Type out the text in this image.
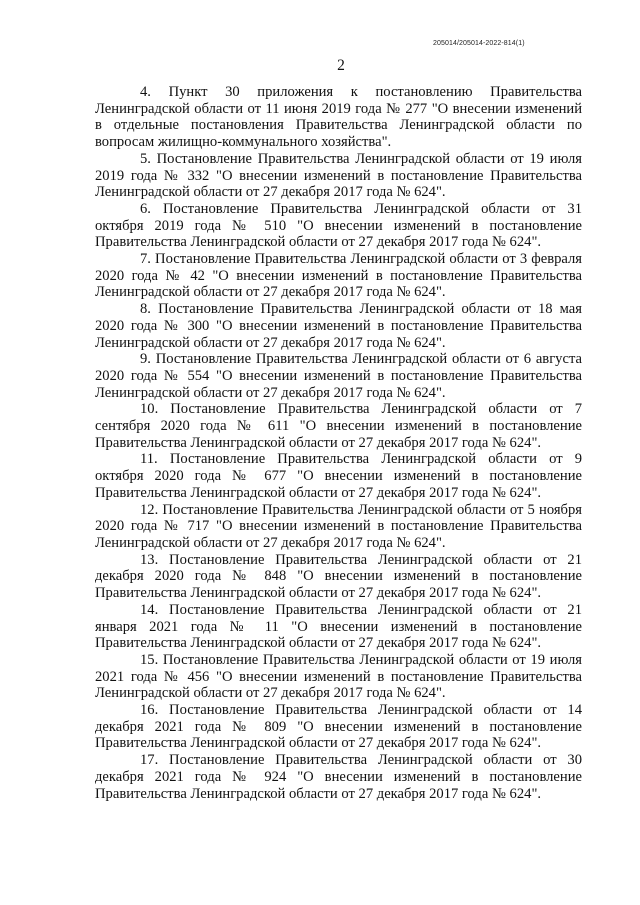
205014/205014-2022-814(1)
2

4. Пункт 30 приложения к постановлению Правительства Ленинградской области от 11 июня 2019 года № 277 "О внесении изменений в отдельные постановления Правительства Ленинградской области по вопросам жилищно-коммунального хозяйства".

5. Постановление Правительства Ленинградской области от 19 июля 2019 года № 332 "О внесении изменений в постановление Правительства Ленинградской области от 27 декабря 2017 года № 624".

6. Постановление Правительства Ленинградской области от 31 октября 2019 года № 510 "О внесении изменений в постановление Правительства Ленинградской области от 27 декабря 2017 года № 624".

7. Постановление Правительства Ленинградской области от 3 февраля 2020 года № 42 "О внесении изменений в постановление Правительства Ленинградской области от 27 декабря 2017 года № 624".

8. Постановление Правительства Ленинградской области от 18 мая 2020 года № 300 "О внесении изменений в постановление Правительства Ленинградской области от 27 декабря 2017 года № 624".

9. Постановление Правительства Ленинградской области от 6 августа 2020 года № 554 "О внесении изменений в постановление Правительства Ленинградской области от 27 декабря 2017 года № 624".

10. Постановление Правительства Ленинградской области от 7 сентября 2020 года № 611 "О внесении изменений в постановление Правительства Ленинградской области от 27 декабря 2017 года № 624".

11. Постановление Правительства Ленинградской области от 9 октября 2020 года № 677 "О внесении изменений в постановление Правительства Ленинградской области от 27 декабря 2017 года № 624".

12. Постановление Правительства Ленинградской области от 5 ноября 2020 года № 717 "О внесении изменений в постановление Правительства Ленинградской области от 27 декабря 2017 года № 624".

13. Постановление Правительства Ленинградской области от 21 декабря 2020 года № 848 "О внесении изменений в постановление Правительства Ленинградской области от 27 декабря 2017 года № 624".

14. Постановление Правительства Ленинградской области от 21 января 2021 года № 11 "О внесении изменений в постановление Правительства Ленинградской области от 27 декабря 2017 года № 624".

15. Постановление Правительства Ленинградской области от 19 июля 2021 года № 456 "О внесении изменений в постановление Правительства Ленинградской области от 27 декабря 2017 года № 624".

16. Постановление Правительства Ленинградской области от 14 декабря 2021 года № 809 "О внесении изменений в постановление Правительства Ленинградской области от 27 декабря 2017 года № 624".

17. Постановление Правительства Ленинградской области от 30 декабря 2021 года № 924 "О внесении изменений в постановление Правительства Ленинградской области от 27 декабря 2017 года № 624".
